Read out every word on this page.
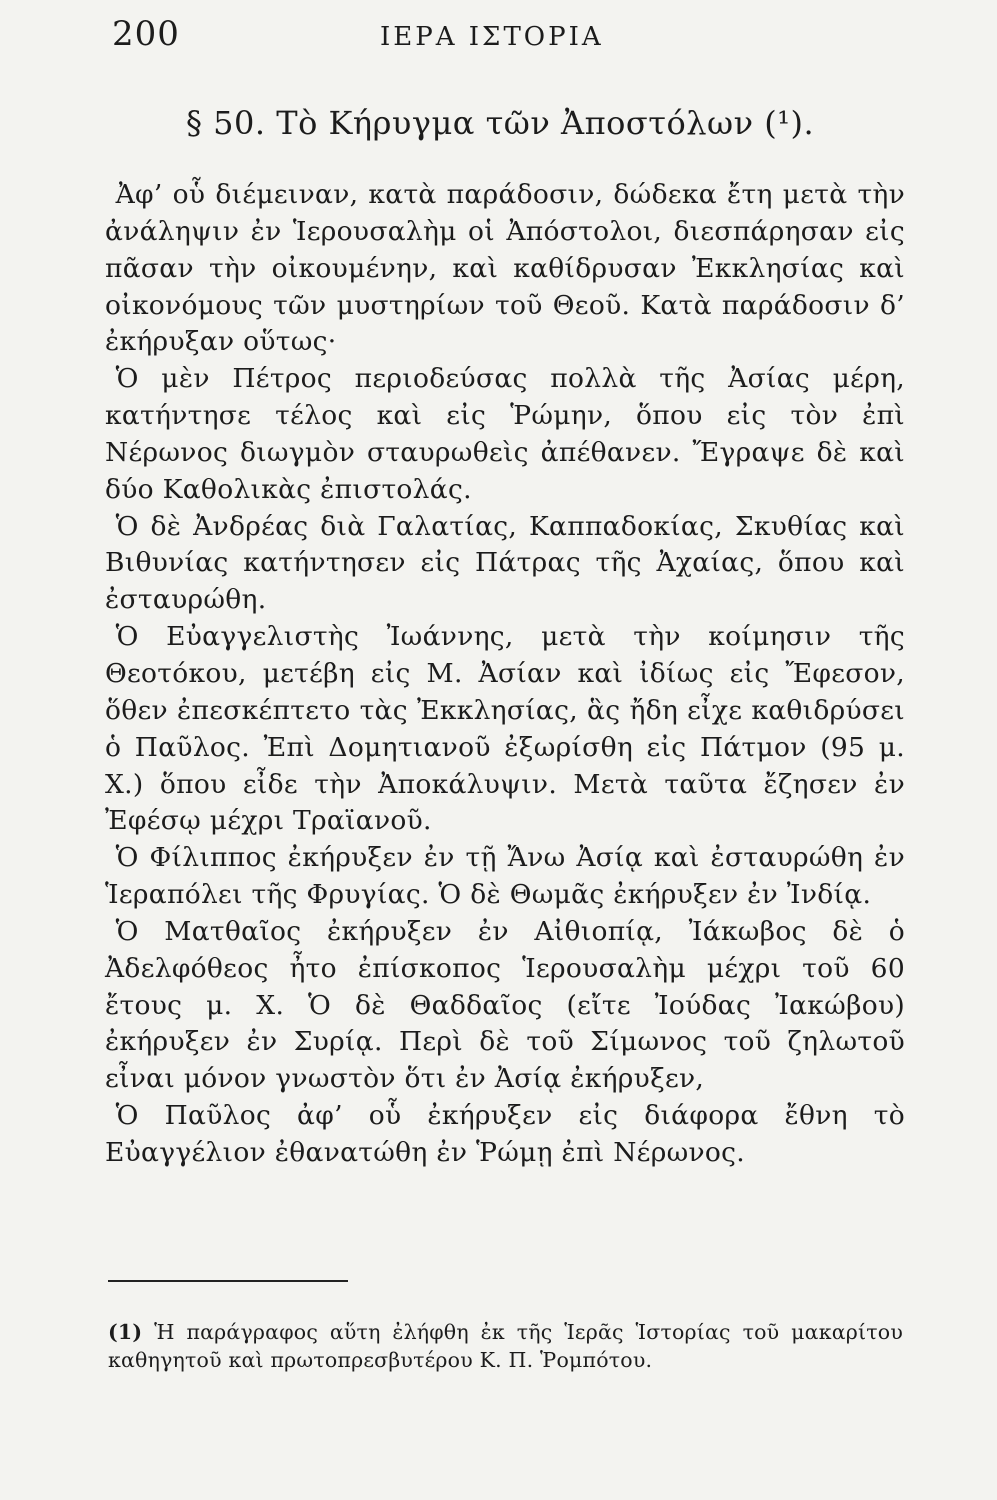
200	ΙΕΡΑ ΙΣΤΟΡΙΑ
§ 50. Τὸ Κήρυγμα τῶν Ἀποστόλων (¹).

Ἀφ’ οὗ διέμειναν, κατὰ παράδοσιν, δώδεκα ἔτη μετὰ τὴν ἀνάληψιν ἐν Ἱερουσαλὴμ οἱ Ἀπόστολοι, διεσπάρησαν εἰς πᾶσαν τὴν οἰκουμένην, καὶ καθίδρυσαν Ἐκκλησίας καὶ οἰκονόμους τῶν μυστηρίων τοῦ Θεοῦ. Κατὰ παράδοσιν δ’ ἐκήρυξαν οὕτως·

Ὁ μὲν Πέτρος περιοδεύσας πολλὰ τῆς Ἀσίας μέρη, κατήντησε τέλος καὶ εἰς Ῥώμην, ὅπου εἰς τὸν ἐπὶ Νέρωνος διωγμὸν σταυρωθεὶς ἀπέθανεν. Ἔγραψε δὲ καὶ δύο Καθολικὰς ἐπιστολάς.

Ὁ δὲ Ἀνδρέας διὰ Γαλατίας, Καππαδοκίας, Σκυθίας καὶ Βιθυνίας κατήντησεν εἰς Πάτρας τῆς Ἀχαίας, ὅπου καὶ ἐσταυρώθη.

Ὁ Εὐαγγελιστὴς Ἰωάννης, μετὰ τὴν κοίμησιν τῆς Θεοτόκου, μετέβη εἰς Μ. Ἀσίαν καὶ ἰδίως εἰς Ἔφεσον, ὅθεν ἐπεσκέπτετο τὰς Ἐκκλησίας, ἃς ἤδη εἶχε καθιδρύσει ὁ Παῦλος. Ἐπὶ Δομητιανοῦ ἐξωρίσθη εἰς Πάτμον (95 μ. Χ.) ὅπου εἶδε τὴν Ἀποκάλυψιν. Μετὰ ταῦτα ἔζησεν ἐν Ἐφέσῳ μέχρι Τραϊανοῦ.

Ὁ Φίλιππος ἐκήρυξεν ἐν τῇ Ἄνω Ἀσίᾳ καὶ ἐσταυρώθη ἐν Ἱεραπόλει τῆς Φρυγίας. Ὁ δὲ Θωμᾶς ἐκήρυξεν ἐν Ἰνδίᾳ.

Ὁ Ματθαῖος ἐκήρυξεν ἐν Αἰθιοπίᾳ, Ἰάκωβος δὲ ὁ Ἀδελφόθεος ἦτο ἐπίσκοπος Ἱερουσαλὴμ μέχρι τοῦ 60 ἔτους μ. Χ. Ὁ δὲ Θαδδαῖος (εἴτε Ἰούδας Ἰακώβου) ἐκήρυξεν ἐν Συρίᾳ. Περὶ δὲ τοῦ Σίμωνος τοῦ ζηλωτοῦ εἶναι μόνον γνωστὸν ὅτι ἐν Ἀσίᾳ ἐκήρυξεν,

Ὁ Παῦλος ἀφ’ οὗ ἐκήρυξεν εἰς διάφορα ἔθνη τὸ Εὐαγγέλιον ἐθανατώθη ἐν Ῥώμῃ ἐπὶ Νέρωνος.

(1) Ἡ παράγραφος αὕτη ἐλήφθη ἐκ τῆς Ἱερᾶς Ἱστορίας τοῦ μακαρίτου καθηγητοῦ καὶ πρωτοπρεσβυτέρου Κ. Π. Ῥομπότου.
